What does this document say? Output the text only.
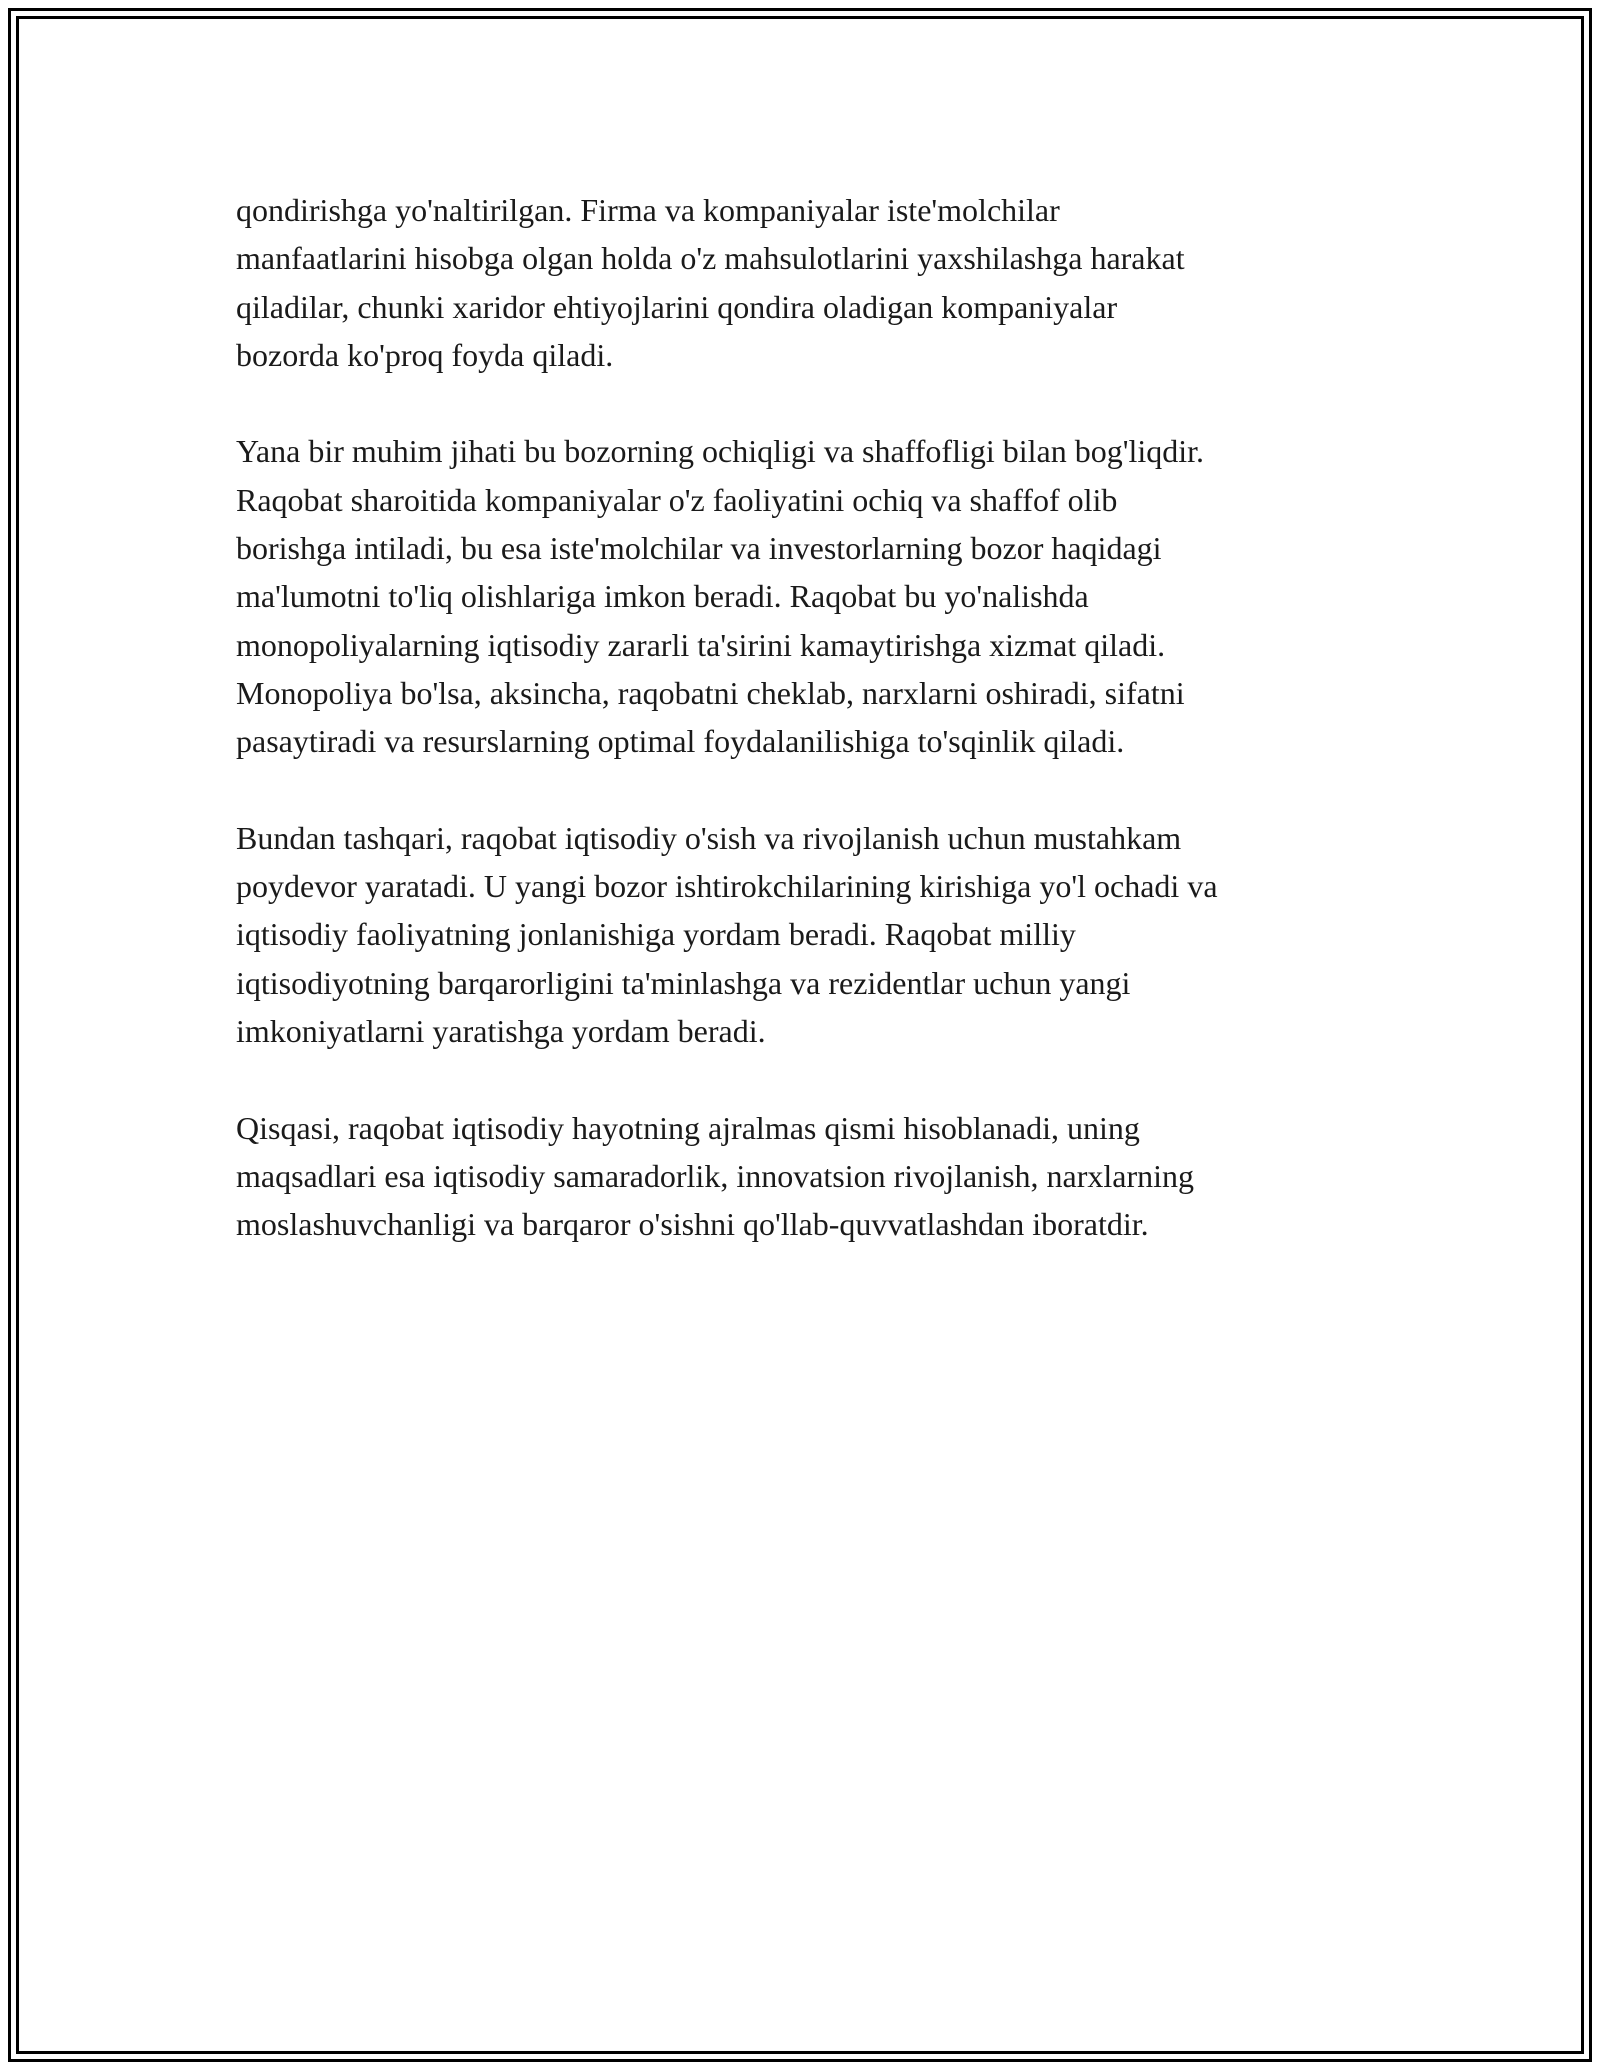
qondirishga yo'naltirilgan. Firma va kompaniyalar iste'molchilar
manfaatlarini hisobga olgan holda o'z mahsulotlarini yaxshilashga harakat
qiladilar, chunki xaridor ehtiyojlarini qondira oladigan kompaniyalar
bozorda ko'proq foyda qiladi.

Yana bir muhim jihati bu bozorning ochiqligi va shaffofligi bilan bog'liqdir.
Raqobat sharoitida kompaniyalar o'z faoliyatini ochiq va shaffof olib
borishga intiladi, bu esa iste'molchilar va investorlarning bozor haqidagi
ma'lumotni to'liq olishlariga imkon beradi. Raqobat bu yo'nalishda
monopoliyalarning iqtisodiy zararli ta'sirini kamaytirishga xizmat qiladi.
Monopoliya bo'lsa, aksincha, raqobatni cheklab, narxlarni oshiradi, sifatni
pasaytiradi va resurslarning optimal foydalanilishiga to'sqinlik qiladi.

Bundan tashqari, raqobat iqtisodiy o'sish va rivojlanish uchun mustahkam
poydevor yaratadi. U yangi bozor ishtirokchilarining kirishiga yo'l ochadi va
iqtisodiy faoliyatning jonlanishiga yordam beradi. Raqobat milliy
iqtisodiyotning barqarorligini ta'minlashga va rezidentlar uchun yangi
imkoniyatlarni yaratishga yordam beradi.

Qisqasi, raqobat iqtisodiy hayotning ajralmas qismi hisoblanadi, uning
maqsadlari esa iqtisodiy samaradorlik, innovatsion rivojlanish, narxlarning
moslashuvchanligi va barqaror o'sishni qo'llab-quvvatlashdan iboratdir.
